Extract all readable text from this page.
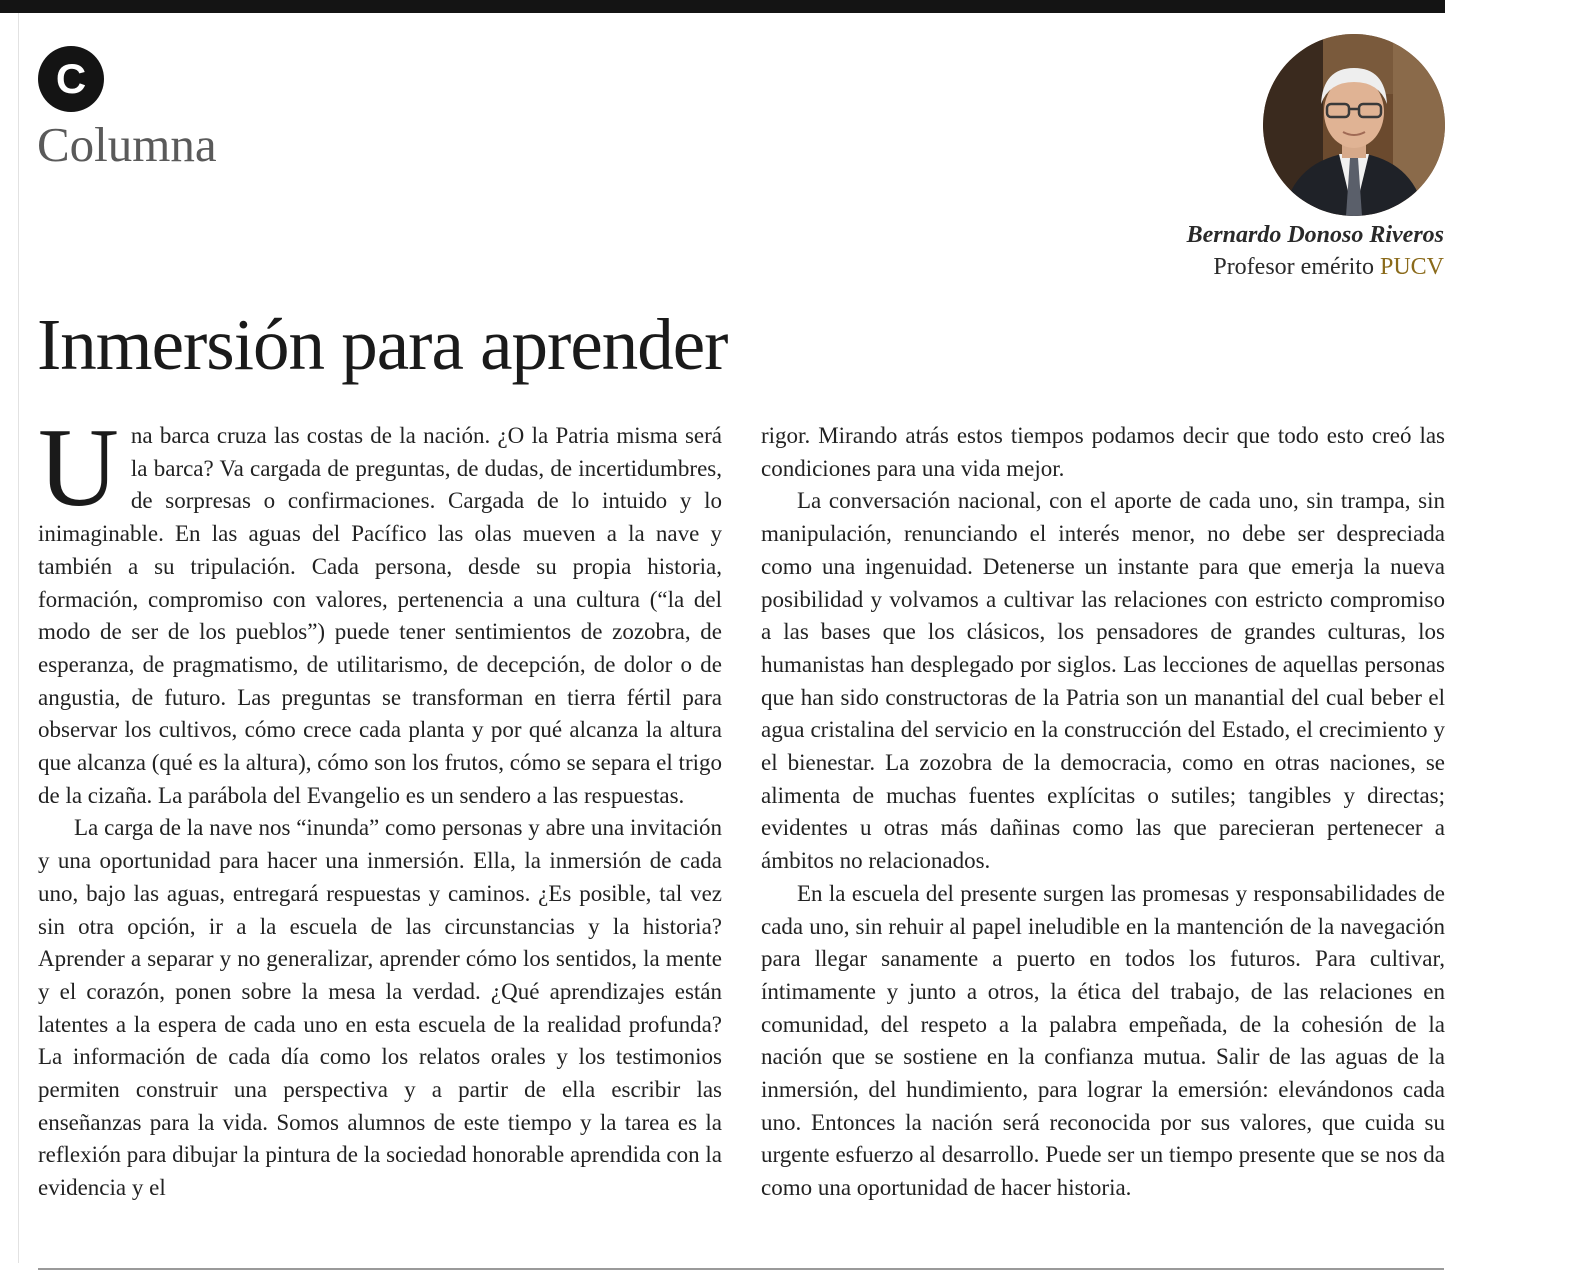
C
Columna
Bernardo Donoso Riveros
Profesor emérito PUCV
Inmersión para aprender

Una barca cruza las costas de la nación. ¿O la Patria misma será la barca? Va cargada de preguntas, de dudas, de incertidumbres, de sorpresas o confirmaciones. Cargada de lo intuido y lo inimaginable. En las aguas del Pacífico las olas mueven a la nave y también a su tripulación. Cada persona, desde su propia historia, formación, compromiso con valores, pertenencia a una cultura (“la del modo de ser de los pueblos”) puede tener sentimientos de zozobra, de esperanza, de pragmatismo, de utilitarismo, de decepción, de dolor o de angustia, de futuro. Las preguntas se transforman en tierra fértil para observar los cultivos, cómo crece cada planta y por qué alcanza la altura que alcanza (qué es la altura), cómo son los frutos, cómo se separa el trigo de la cizaña. La parábola del Evangelio es un sendero a las respuestas.

La carga de la nave nos “inunda” como personas y abre una invitación y una oportunidad para hacer una inmersión. Ella, la inmersión de cada uno, bajo las aguas, entregará respuestas y caminos. ¿Es posible, tal vez sin otra opción, ir a la escuela de las circunstancias y la historia? Aprender a separar y no generalizar, aprender cómo los sentidos, la mente y el corazón, ponen sobre la mesa la verdad. ¿Qué aprendizajes están latentes a la espera de cada uno en esta escuela de la realidad profunda? La información de cada día como los relatos orales y los testimonios permiten construir una perspectiva y a partir de ella escribir las enseñanzas para la vida. Somos alumnos de este tiempo y la tarea es la reflexión para dibujar la pintura de la sociedad honorable aprendida con la evidencia y el

rigor. Mirando atrás estos tiempos podamos decir que todo esto creó las condiciones para una vida mejor.

La conversación nacional, con el aporte de cada uno, sin trampa, sin manipulación, renunciando el interés menor, no debe ser despreciada como una ingenuidad. Detenerse un instante para que emerja la nueva posibilidad y volvamos a cultivar las relaciones con estricto compromiso a las bases que los clásicos, los pensadores de grandes culturas, los humanistas han desplegado por siglos. Las lecciones de aquellas personas que han sido constructoras de la Patria son un manantial del cual beber el agua cristalina del servicio en la construcción del Estado, el crecimiento y el bienestar. La zozobra de la democracia, como en otras naciones, se alimenta de muchas fuentes explícitas o sutiles; tangibles y directas; evidentes u otras más dañinas como las que parecieran pertenecer a ámbitos no relacionados.

En la escuela del presente surgen las promesas y responsabilidades de cada uno, sin rehuir al papel ineludible en la mantención de la navegación para llegar sanamente a puerto en todos los futuros. Para cultivar, íntimamente y junto a otros, la ética del trabajo, de las relaciones en comunidad, del respeto a la palabra empeñada, de la cohesión de la nación que se sostiene en la confianza mutua. Salir de las aguas de la inmersión, del hundimiento, para lograr la emersión: elevándonos cada uno. Entonces la nación será reconocida por sus valores, que cuida su urgente esfuerzo al desarrollo. Puede ser un tiempo presente que se nos da como una oportunidad de hacer historia.
